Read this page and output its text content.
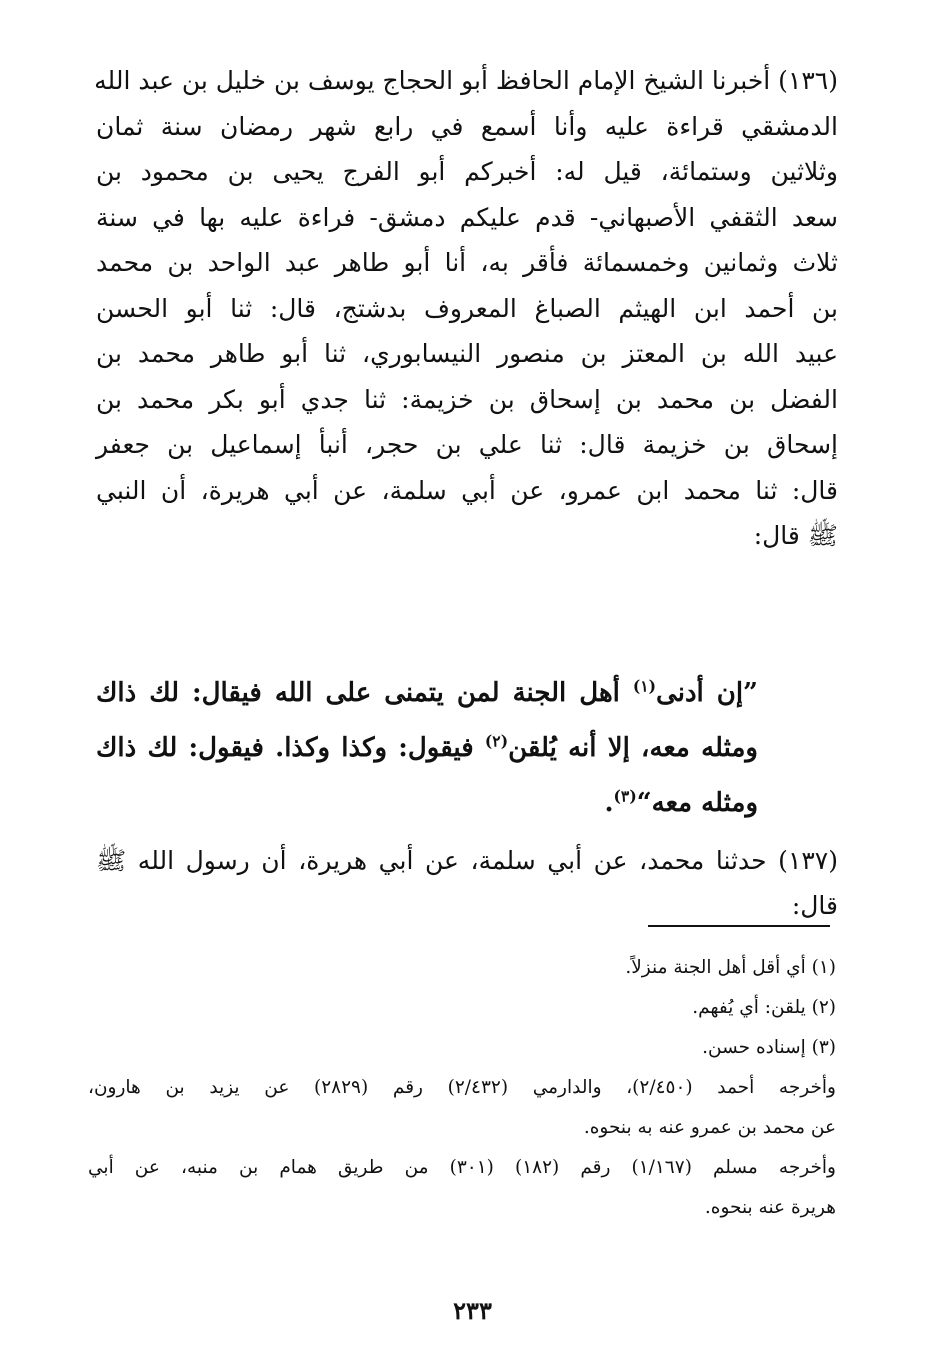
(١٣٦) أخبرنا الشيخ الإمام الحافظ أبو الحجاج يوسف بن خليل بن عبد الله
الدمشقي قراءة عليه وأنا أسمع في رابع شهر رمضان سنة ثمان
وثلاثين وستمائة، قيل له: أخبركم أبو الفرج يحيى بن محمود بن
سعد الثقفي الأصبهاني- قدم عليكم دمشق- فراءة عليه بها في سنة
ثلاث وثمانين وخمسمائة فأقر به، أنا أبو طاهر عبد الواحد بن محمد
بن أحمد ابن الهيثم الصباغ المعروف بدشتج، قال: ثنا أبو الحسن
عبيد الله بن المعتز بن منصور النيسابوري، ثنا أبو طاهر محمد بن
الفضل بن محمد بن إسحاق بن خزيمة: ثنا جدي أبو بكر محمد بن
إسحاق بن خزيمة قال: ثنا علي بن حجر، أنبأ إسماعيل بن جعفر
قال: ثنا محمد ابن عمرو، عن أبي سلمة، عن أبي هريرة، أن النبي
ﷺ قال:
”إن أدنى$^{(١)}$ أهل الجنة لمن يتمنى على الله فيقال: لك ذاك
ومثله معه، إلا أنه يُلقن$^{(٢)}$ فيقول: وكذا وكذا. فيقول: لك ذاك
ومثله معه“$^{(٣)}$.
(١٣٧) حدثنا محمد، عن أبي سلمة، عن أبي هريرة، أن رسول الله ﷺ قال:
(١) أي أقل أهل الجنة منزلاً.
(٢) يلقن: أي يُفهم.
(٣) إسناده حسن.
وأخرجه أحمد (٢/٤٥٠)، والدارمي (٢/٤٣٢) رقم (٢٨٢٩) عن يزيد بن هارون،
عن محمد بن عمرو عنه به بنحوه.
وأخرجه مسلم (١/١٦٧) رقم (١٨٢) (٣٠١) من طريق همام بن منبه، عن أبي
هريرة عنه بنحوه.
٢٣٣
